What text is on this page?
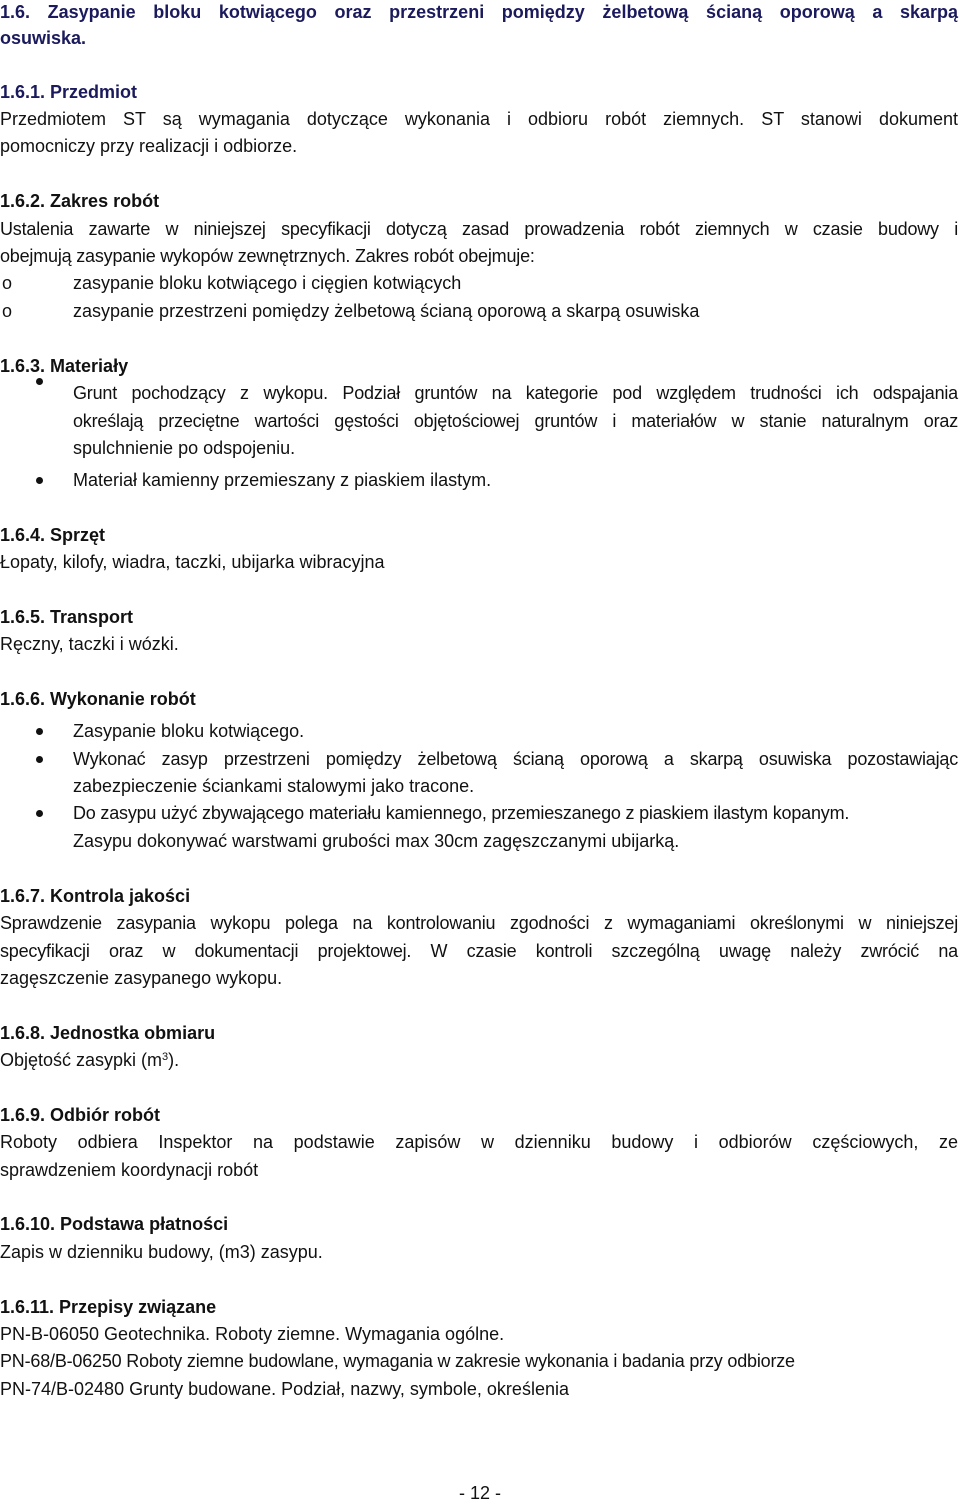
1.6. Zasypanie bloku kotwiącego oraz przestrzeni pomiędzy żelbetową ścianą oporową a skarpą
osuwiska.
1.6.1. Przedmiot
Przedmiotem ST są wymagania dotyczące wykonania i odbioru robót ziemnych. ST stanowi dokument
pomocniczy przy realizacji i odbiorze.
1.6.2. Zakres robót
Ustalenia zawarte w niniejszej specyfikacji dotyczą zasad prowadzenia robót ziemnych w czasie budowy i
obejmują zasypanie wykopów zewnętrznych. Zakres robót obejmuje:
o	zasypanie bloku kotwiącego i cięgien kotwiących
o	zasypanie przestrzeni pomiędzy żelbetową ścianą oporową a skarpą osuwiska
1.6.3. Materiały
Grunt pochodzący z wykopu. Podział gruntów na kategorie pod względem trudności ich odspajania
określają przeciętne wartości gęstości objętościowej gruntów i materiałów w stanie naturalnym oraz
spulchnienie po odspojeniu.
Materiał kamienny przemieszany z piaskiem ilastym.
1.6.4. Sprzęt
Łopaty, kilofy, wiadra, taczki, ubijarka wibracyjna
1.6.5. Transport
Ręczny, taczki i wózki.
1.6.6. Wykonanie robót
Zasypanie bloku kotwiącego.
Wykonać zasyp przestrzeni pomiędzy żelbetową ścianą oporową a skarpą osuwiska pozostawiając
zabezpieczenie ściankami stalowymi jako tracone.
Do zasypu użyć zbywającego materiału kamiennego, przemieszanego z piaskiem ilastym kopanym.
Zasypu dokonywać warstwami grubości max 30cm zagęszczanymi ubijarką.
1.6.7. Kontrola jakości
Sprawdzenie zasypania wykopu polega na kontrolowaniu zgodności z wymaganiami określonymi w niniejszej
specyfikacji oraz w dokumentacji projektowej. W czasie kontroli szczególną uwagę należy zwrócić na
zagęszczenie zasypanego wykopu.
1.6.8. Jednostka obmiaru
Objętość zasypki $(m^3)$.
1.6.9. Odbiór robót
Roboty odbiera Inspektor na podstawie zapisów w dzienniku budowy i odbiorów częściowych, ze
sprawdzeniem koordynacji robót
1.6.10. Podstawa płatności
Zapis w dzienniku budowy, (m3) zasypu.
1.6.11. Przepisy związane
PN-B-06050 Geotechnika. Roboty ziemne. Wymagania ogólne.
PN-68/B-06250 Roboty ziemne budowlane, wymagania w zakresie wykonania i badania przy odbiorze
PN-74/B-02480 Grunty budowane. Podział, nazwy, symbole, określenia
- 12 -
